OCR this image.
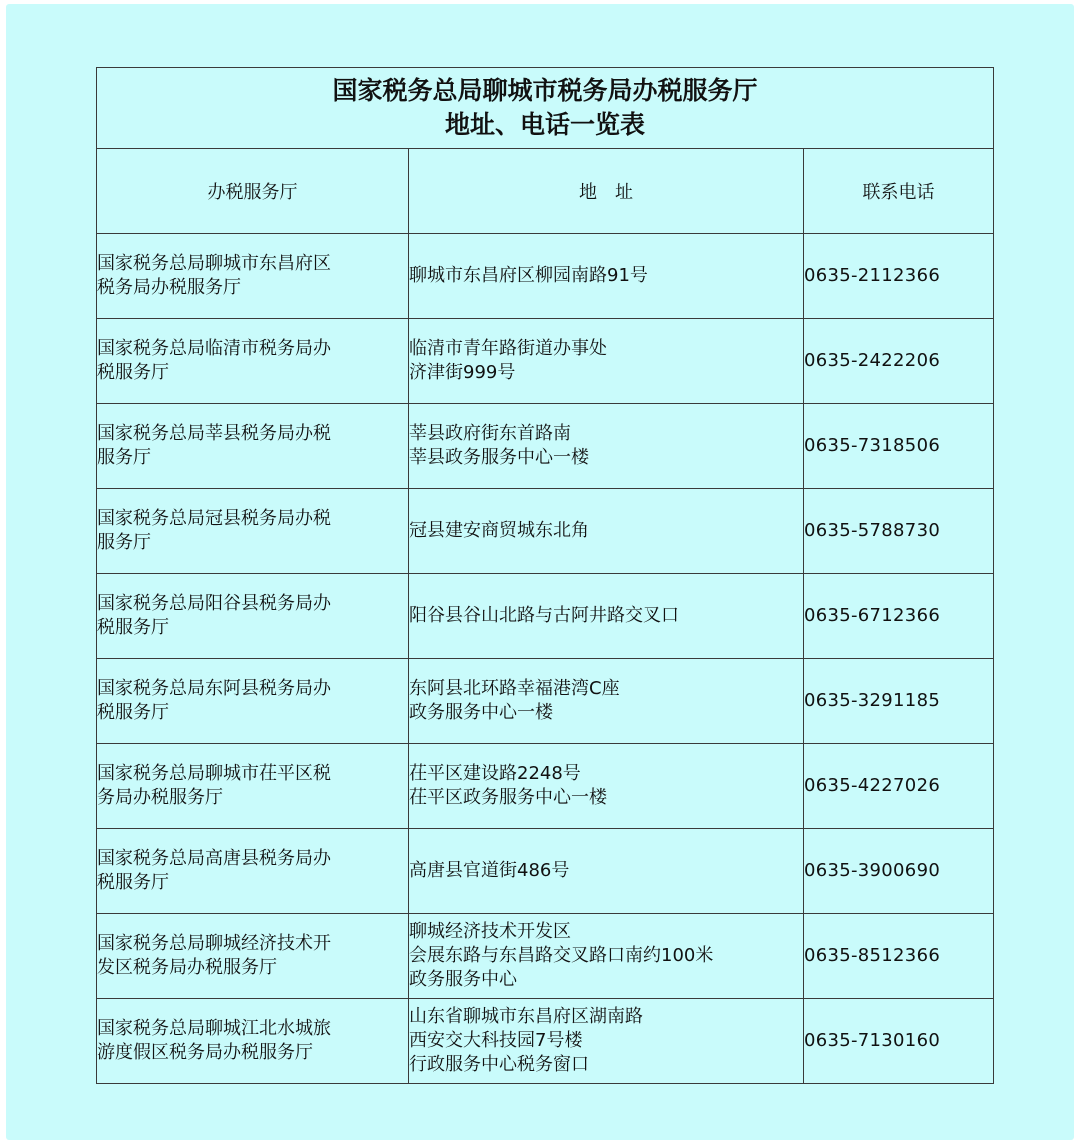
国家税务总局聊城市税务局办税服务厅
地址、电话一览表		

办税服务厅	地　址	联系电话

国家税务总局聊城市东昌府区
税务局办税服务厅	聊城市东昌府区柳园南路91号	0635-2112366

国家税务总局临清市税务局办
税服务厅	临清市青年路街道办事处
济津街999号	0635-2422206

国家税务总局莘县税务局办税
服务厅	莘县政府街东首路南
莘县政务服务中心一楼	0635-7318506

国家税务总局冠县税务局办税
服务厅	冠县建安商贸城东北角	0635-5788730

国家税务总局阳谷县税务局办
税服务厅	阳谷县谷山北路与古阿井路交叉口	0635-6712366

国家税务总局东阿县税务局办
税服务厅	东阿县北环路幸福港湾C座
政务服务中心一楼	0635-3291185

国家税务总局聊城市茌平区税
务局办税服务厅	茌平区建设路2248号
茌平区政务服务中心一楼	0635-4227026

国家税务总局高唐县税务局办
税服务厅	高唐县官道街486号	0635-3900690

国家税务总局聊城经济技术开
发区税务局办税服务厅	聊城经济技术开发区
会展东路与东昌路交叉路口南约100米
政务服务中心	0635-8512366

国家税务总局聊城江北水城旅
游度假区税务局办税服务厅	山东省聊城市东昌府区湖南路
西安交大科技园7号楼
行政服务中心税务窗口	0635-7130160
